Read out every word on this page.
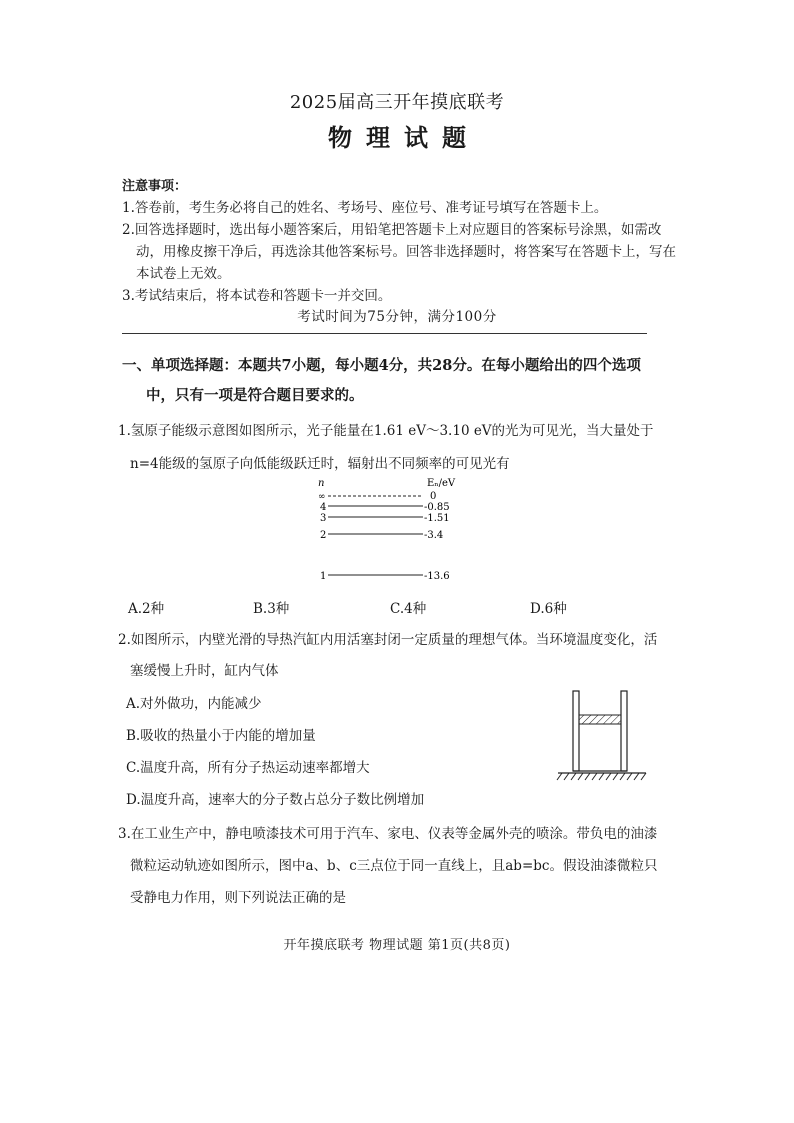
2025届高三开年摸底联考
物理试题
注意事项：
1.答卷前，考生务必将自己的姓名、考场号、座位号、准考证号填写在答题卡上。
2.回答选择题时，选出每小题答案后，用铅笔把答题卡上对应题目的答案标号涂黑，如需改
动，用橡皮擦干净后，再选涂其他答案标号。回答非选择题时，将答案写在答题卡上，写在
本试卷上无效。
3.考试结束后，将本试卷和答题卡一并交回。
考试时间为75分钟，满分100分
一、单项选择题：本题共7小题，每小题4分，共28分。在每小题给出的四个选项
中，只有一项是符合题目要求的。
1.氢原子能级示意图如图所示，光子能量在1.61 eV～3.10 eV的光为可见光，当大量处于
n=4能级的氢原子向低能级跃迁时，辐射出不同频率的可见光有
n	Eₙ/eV
∞	0
4	-0.85
3	-1.51
2	-3.4
1	-13.6
A.2种	B.3种	C.4种	D.6种
2.如图所示，内壁光滑的导热汽缸内用活塞封闭一定质量的理想气体。当环境温度变化，活
塞缓慢上升时，缸内气体
A.对外做功，内能减少
B.吸收的热量小于内能的增加量
C.温度升高，所有分子热运动速率都增大
D.温度升高，速率大的分子数占总分子数比例增加
3.在工业生产中，静电喷漆技术可用于汽车、家电、仪表等金属外壳的喷涂。带负电的油漆
微粒运动轨迹如图所示，图中a、b、c三点位于同一直线上，且ab=bc。假设油漆微粒只
受静电力作用，则下列说法正确的是
开年摸底联考 物理试题 第1页(共8页)
